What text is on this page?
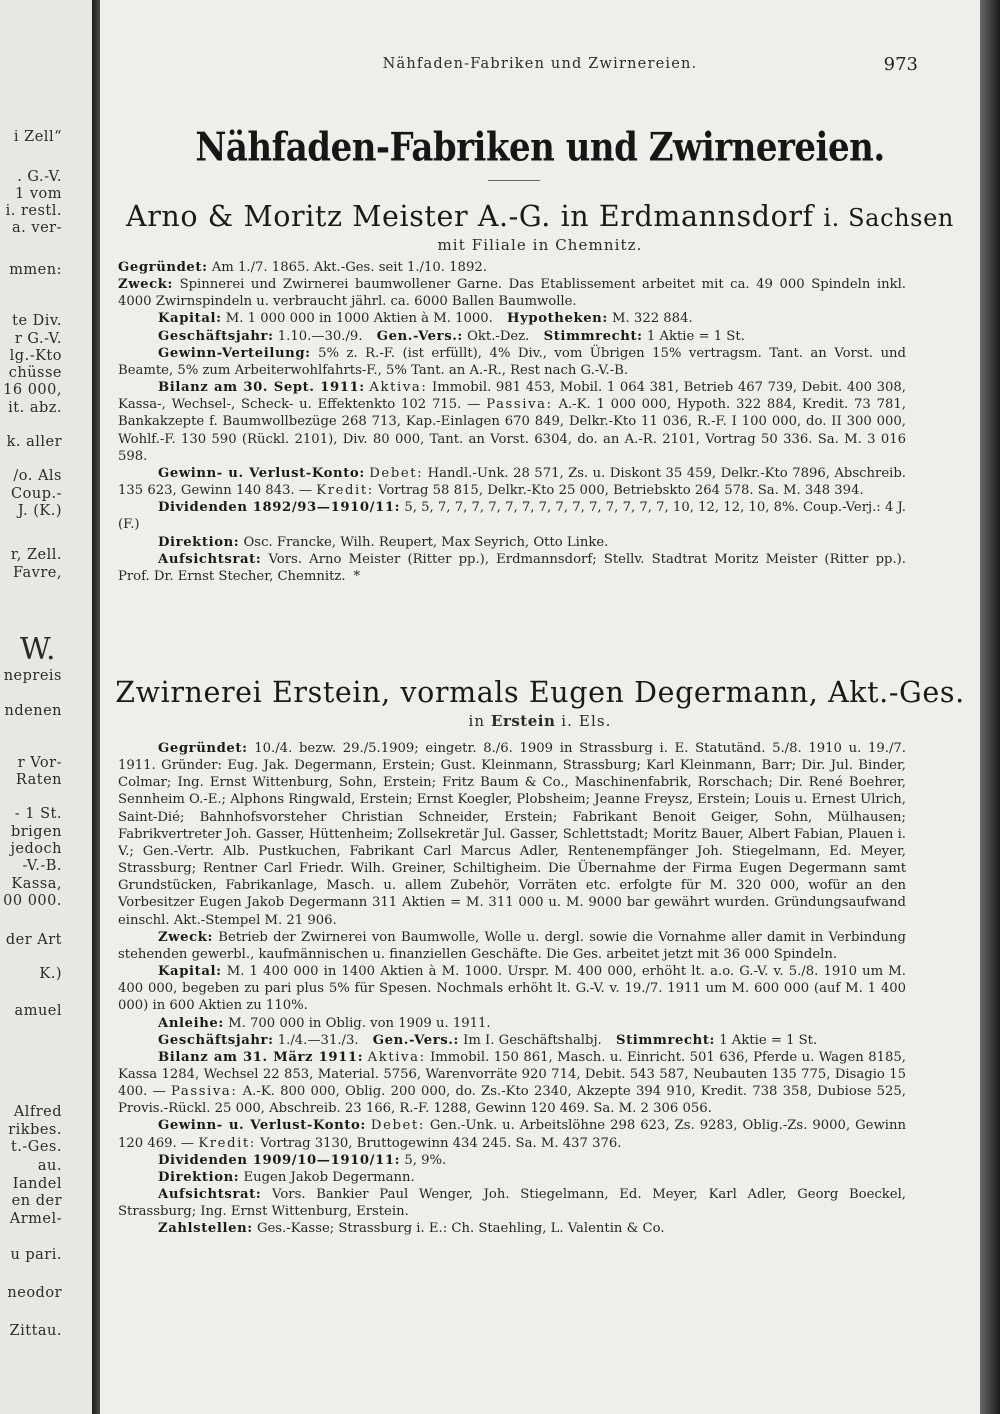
i Zell“
. G.-V.
1 vom
i. restl.
a. ver-
mmen:
te Div.
r G.-V.
lg.-Kto
chüsse
16 000,
it. abz.
k. aller
/o. Als
Coup.-
J. (K.)
r, Zell.
Favre,
W.
nepreis
ndenen
r Vor-
Raten
- 1 St.
brigen
jedoch
-V.-B.
Kassa,
00 000.
der Art
K.)
amuel
Alfred
rikbes.
t.-Ges.
au.
Iandel
en der
Armel-
u pari.
neodor
Zittau.
Nähfaden-Fabriken und Zwirnereien.	973
Nähfaden-Fabriken und Zwirnereien.
Arno & Moritz Meister A.-G. in Erdmannsdorf i. Sachsen
mit Filiale in Chemnitz.

Gegründet: Am 1./7. 1865. Akt.-Ges. seit 1./10. 1892.

Zweck: Spinnerei und Zwirnerei baumwollener Garne. Das Etablissement arbeitet mit ca. 49 000 Spindeln inkl. 4000 Zwirnspindeln u. verbraucht jährl. ca. 6000 Ballen Baumwolle.

Kapital: M. 1 000 000 in 1000 Aktien à M. 1000. Hypotheken: M. 322 884.

Geschäftsjahr: 1.10.—30./9. Gen.-Vers.: Okt.-Dez. Stimmrecht: 1 Aktie = 1 St.

Gewinn-Verteilung: 5% z. R.-F. (ist erfüllt), 4% Div., vom Übrigen 15% vertragsm. Tant. an Vorst. und Beamte, 5% zum Arbeiterwohlfahrts-F., 5% Tant. an A.-R., Rest nach G.-V.-B.

Bilanz am 30. Sept. 1911: Aktiva: Immobil. 981 453, Mobil. 1 064 381, Betrieb 467 739, Debit. 400 308, Kassa-, Wechsel-, Scheck- u. Effektenkto 102 715. — Passiva: A.-K. 1 000 000, Hypoth. 322 884, Kredit. 73 781, Bankakzepte f. Baumwollbezüge 268 713, Kap.-Einlagen 670 849, Delkr.-Kto 11 036, R.-F. I 100 000, do. II 300 000, Wohlf.-F. 130 590 (Rückl. 2101), Div. 80 000, Tant. an Vorst. 6304, do. an A.-R. 2101, Vortrag 50 336. Sa. M. 3 016 598.

Gewinn- u. Verlust-Konto: Debet: Handl.-Unk. 28 571, Zs. u. Diskont 35 459, Delkr.-Kto 7896, Abschreib. 135 623, Gewinn 140 843. — Kredit: Vortrag 58 815, Delkr.-Kto 25 000, Betriebskto 264 578. Sa. M. 348 394.

Dividenden 1892/93—1910/11: 5, 5, 7, 7, 7, 7, 7, 7, 7, 7, 7, 7, 7, 7, 7, 7, 10, 12, 12, 10, 8%. Coup.-Verj.: 4 J. (F.)

Direktion: Osc. Francke, Wilh. Reupert, Max Seyrich, Otto Linke.

Aufsichtsrat: Vors. Arno Meister (Ritter pp.), Erdmannsdorf; Stellv. Stadtrat Moritz Meister (Ritter pp.). Prof. Dr. Ernst Stecher, Chemnitz. *

Zwirnerei Erstein, vormals Eugen Degermann, Akt.-Ges.
in Erstein i. Els.

Gegründet: 10./4. bezw. 29./5.1909; eingetr. 8./6. 1909 in Strassburg i. E. Statutänd. 5./8. 1910 u. 19./7. 1911. Gründer: Eug. Jak. Degermann, Erstein; Gust. Kleinmann, Strassburg; Karl Kleinmann, Barr; Dir. Jul. Binder, Colmar; Ing. Ernst Wittenburg, Sohn, Erstein; Fritz Baum & Co., Maschinenfabrik, Rorschach; Dir. René Boehrer, Sennheim O.-E.; Alphons Ringwald, Erstein; Ernst Koegler, Plobsheim; Jeanne Freysz, Erstein; Louis u. Ernest Ulrich, Saint-Dié; Bahnhofsvorsteher Christian Schneider, Erstein; Fabrikant Benoit Geiger, Sohn, Mülhausen; Fabrikvertreter Joh. Gasser, Hüttenheim; Zollsekretär Jul. Gasser, Schlettstadt; Moritz Bauer, Albert Fabian, Plauen i. V.; Gen.-Vertr. Alb. Pustkuchen, Fabrikant Carl Marcus Adler, Rentenempfänger Joh. Stiegelmann, Ed. Meyer, Strassburg; Rentner Carl Friedr. Wilh. Greiner, Schiltigheim. Die Übernahme der Firma Eugen Degermann samt Grundstücken, Fabrikanlage, Masch. u. allem Zubehör, Vorräten etc. erfolgte für M. 320 000, wofür an den Vorbesitzer Eugen Jakob Degermann 311 Aktien = M. 311 000 u. M. 9000 bar gewährt wurden. Gründungsaufwand einschl. Akt.-Stempel M. 21 906.

Zweck: Betrieb der Zwirnerei von Baumwolle, Wolle u. dergl. sowie die Vornahme aller damit in Verbindung stehenden gewerbl., kaufmännischen u. finanziellen Geschäfte. Die Ges. arbeitet jetzt mit 36 000 Spindeln.

Kapital: M. 1 400 000 in 1400 Aktien à M. 1000. Urspr. M. 400 000, erhöht lt. a.o. G.-V. v. 5./8. 1910 um M. 400 000, begeben zu pari plus 5% für Spesen. Nochmals erhöht lt. G.-V. v. 19./7. 1911 um M. 600 000 (auf M. 1 400 000) in 600 Aktien zu 110%.

Anleihe: M. 700 000 in Oblig. von 1909 u. 1911.

Geschäftsjahr: 1./4.—31./3. Gen.-Vers.: Im I. Geschäftshalbj. Stimmrecht: 1 Aktie = 1 St.

Bilanz am 31. März 1911: Aktiva: Immobil. 150 861, Masch. u. Einricht. 501 636, Pferde u. Wagen 8185, Kassa 1284, Wechsel 22 853, Material. 5756, Warenvorräte 920 714, Debit. 543 587, Neubauten 135 775, Disagio 15 400. — Passiva: A.-K. 800 000, Oblig. 200 000, do. Zs.-Kto 2340, Akzepte 394 910, Kredit. 738 358, Dubiose 525, Provis.-Rückl. 25 000, Abschreib. 23 166, R.-F. 1288, Gewinn 120 469. Sa. M. 2 306 056.

Gewinn- u. Verlust-Konto: Debet: Gen.-Unk. u. Arbeitslöhne 298 623, Zs. 9283, Oblig.-Zs. 9000, Gewinn 120 469. — Kredit: Vortrag 3130, Bruttogewinn 434 245. Sa. M. 437 376.

Dividenden 1909/10—1910/11: 5, 9%.

Direktion: Eugen Jakob Degermann.

Aufsichtsrat: Vors. Bankier Paul Wenger, Joh. Stiegelmann, Ed. Meyer, Karl Adler, Georg Boeckel, Strassburg; Ing. Ernst Wittenburg, Erstein.

Zahlstellen: Ges.-Kasse; Strassburg i. E.: Ch. Staehling, L. Valentin & Co.
